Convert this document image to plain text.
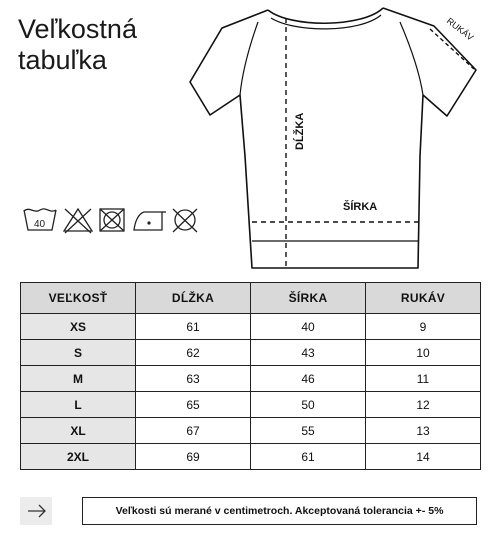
Veľkostná
tabuľka
DĹŽKA
ŠÍRKA
RUKÁV
40
VEĽKOSŤ	DĹŽKA	ŠÍRKA	RUKÁV
XS	61	40	9
S	62	43	10
M	63	46	11
L	65	50	12
XL	67	55	13
2XL	69	61	14
Veľkosti sú merané v centimetroch. Akceptovaná tolerancia +- 5%
